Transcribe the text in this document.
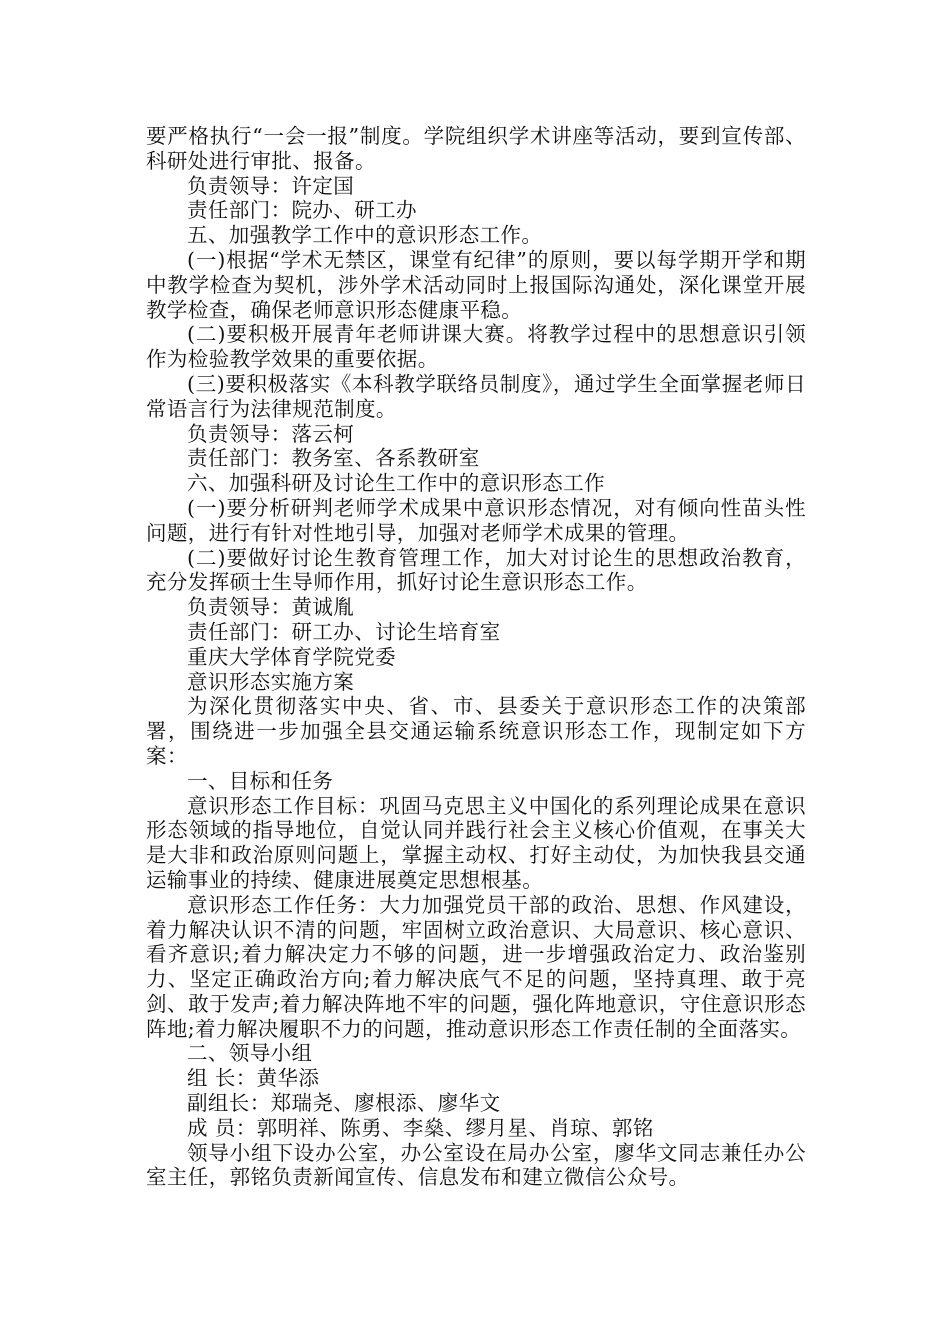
要严格执行“一会一报”制度。学院组织学术讲座等活动，要到宣传部、科研处进行审批、报备。

负责领导：许定国

责任部门：院办、研工办

五、加强教学工作中的意识形态工作。

(一)根据“学术无禁区，课堂有纪律”的原则，要以每学期开学和期中教学检查为契机，涉外学术活动同时上报国际沟通处，深化课堂开展教学检查，确保老师意识形态健康平稳。

(二)要积极开展青年老师讲课大赛。将教学过程中的思想意识引领作为检验教学效果的重要依据。

(三)要积极落实《本科教学联络员制度》，通过学生全面掌握老师日常语言行为法律规范制度。

负责领导：落云柯

责任部门：教务室、各系教研室

六、加强科研及讨论生工作中的意识形态工作

(一)要分析研判老师学术成果中意识形态情况，对有倾向性苗头性问题，进行有针对性地引导，加强对老师学术成果的管理。

(二)要做好讨论生教育管理工作，加大对讨论生的思想政治教育，充分发挥硕士生导师作用，抓好讨论生意识形态工作。

负责领导：黄诚胤

责任部门：研工办、讨论生培育室

重庆大学体育学院党委

意识形态实施方案

为深化贯彻落实中央、省、市、县委关于意识形态工作的决策部署，围绕进一步加强全县交通运输系统意识形态工作，现制定如下方案：

一、目标和任务

意识形态工作目标：巩固马克思主义中国化的系列理论成果在意识形态领域的指导地位，自觉认同并践行社会主义核心价值观，在事关大是大非和政治原则问题上，掌握主动权、打好主动仗，为加快我县交通运输事业的持续、健康进展奠定思想根基。

意识形态工作任务：大力加强党员干部的政治、思想、作风建设，着力解决认识不清的问题，牢固树立政治意识、大局意识、核心意识、看齐意识;着力解决定力不够的问题，进一步增强政治定力、政治鉴别力、坚定正确政治方向;着力解决底气不足的问题，坚持真理、敢于亮剑、敢于发声;着力解决阵地不牢的问题，强化阵地意识，守住意识形态阵地;着力解决履职不力的问题，推动意识形态工作责任制的全面落实。

二、领导小组

组 长：黄华添

副组长：郑瑞尧、廖根添、廖华文

成 员：郭明祥、陈勇、李燊、缪月星、肖琼、郭铭

领导小组下设办公室，办公室设在局办公室，廖华文同志兼任办公室主任，郭铭负责新闻宣传、信息发布和建立微信公众号。
